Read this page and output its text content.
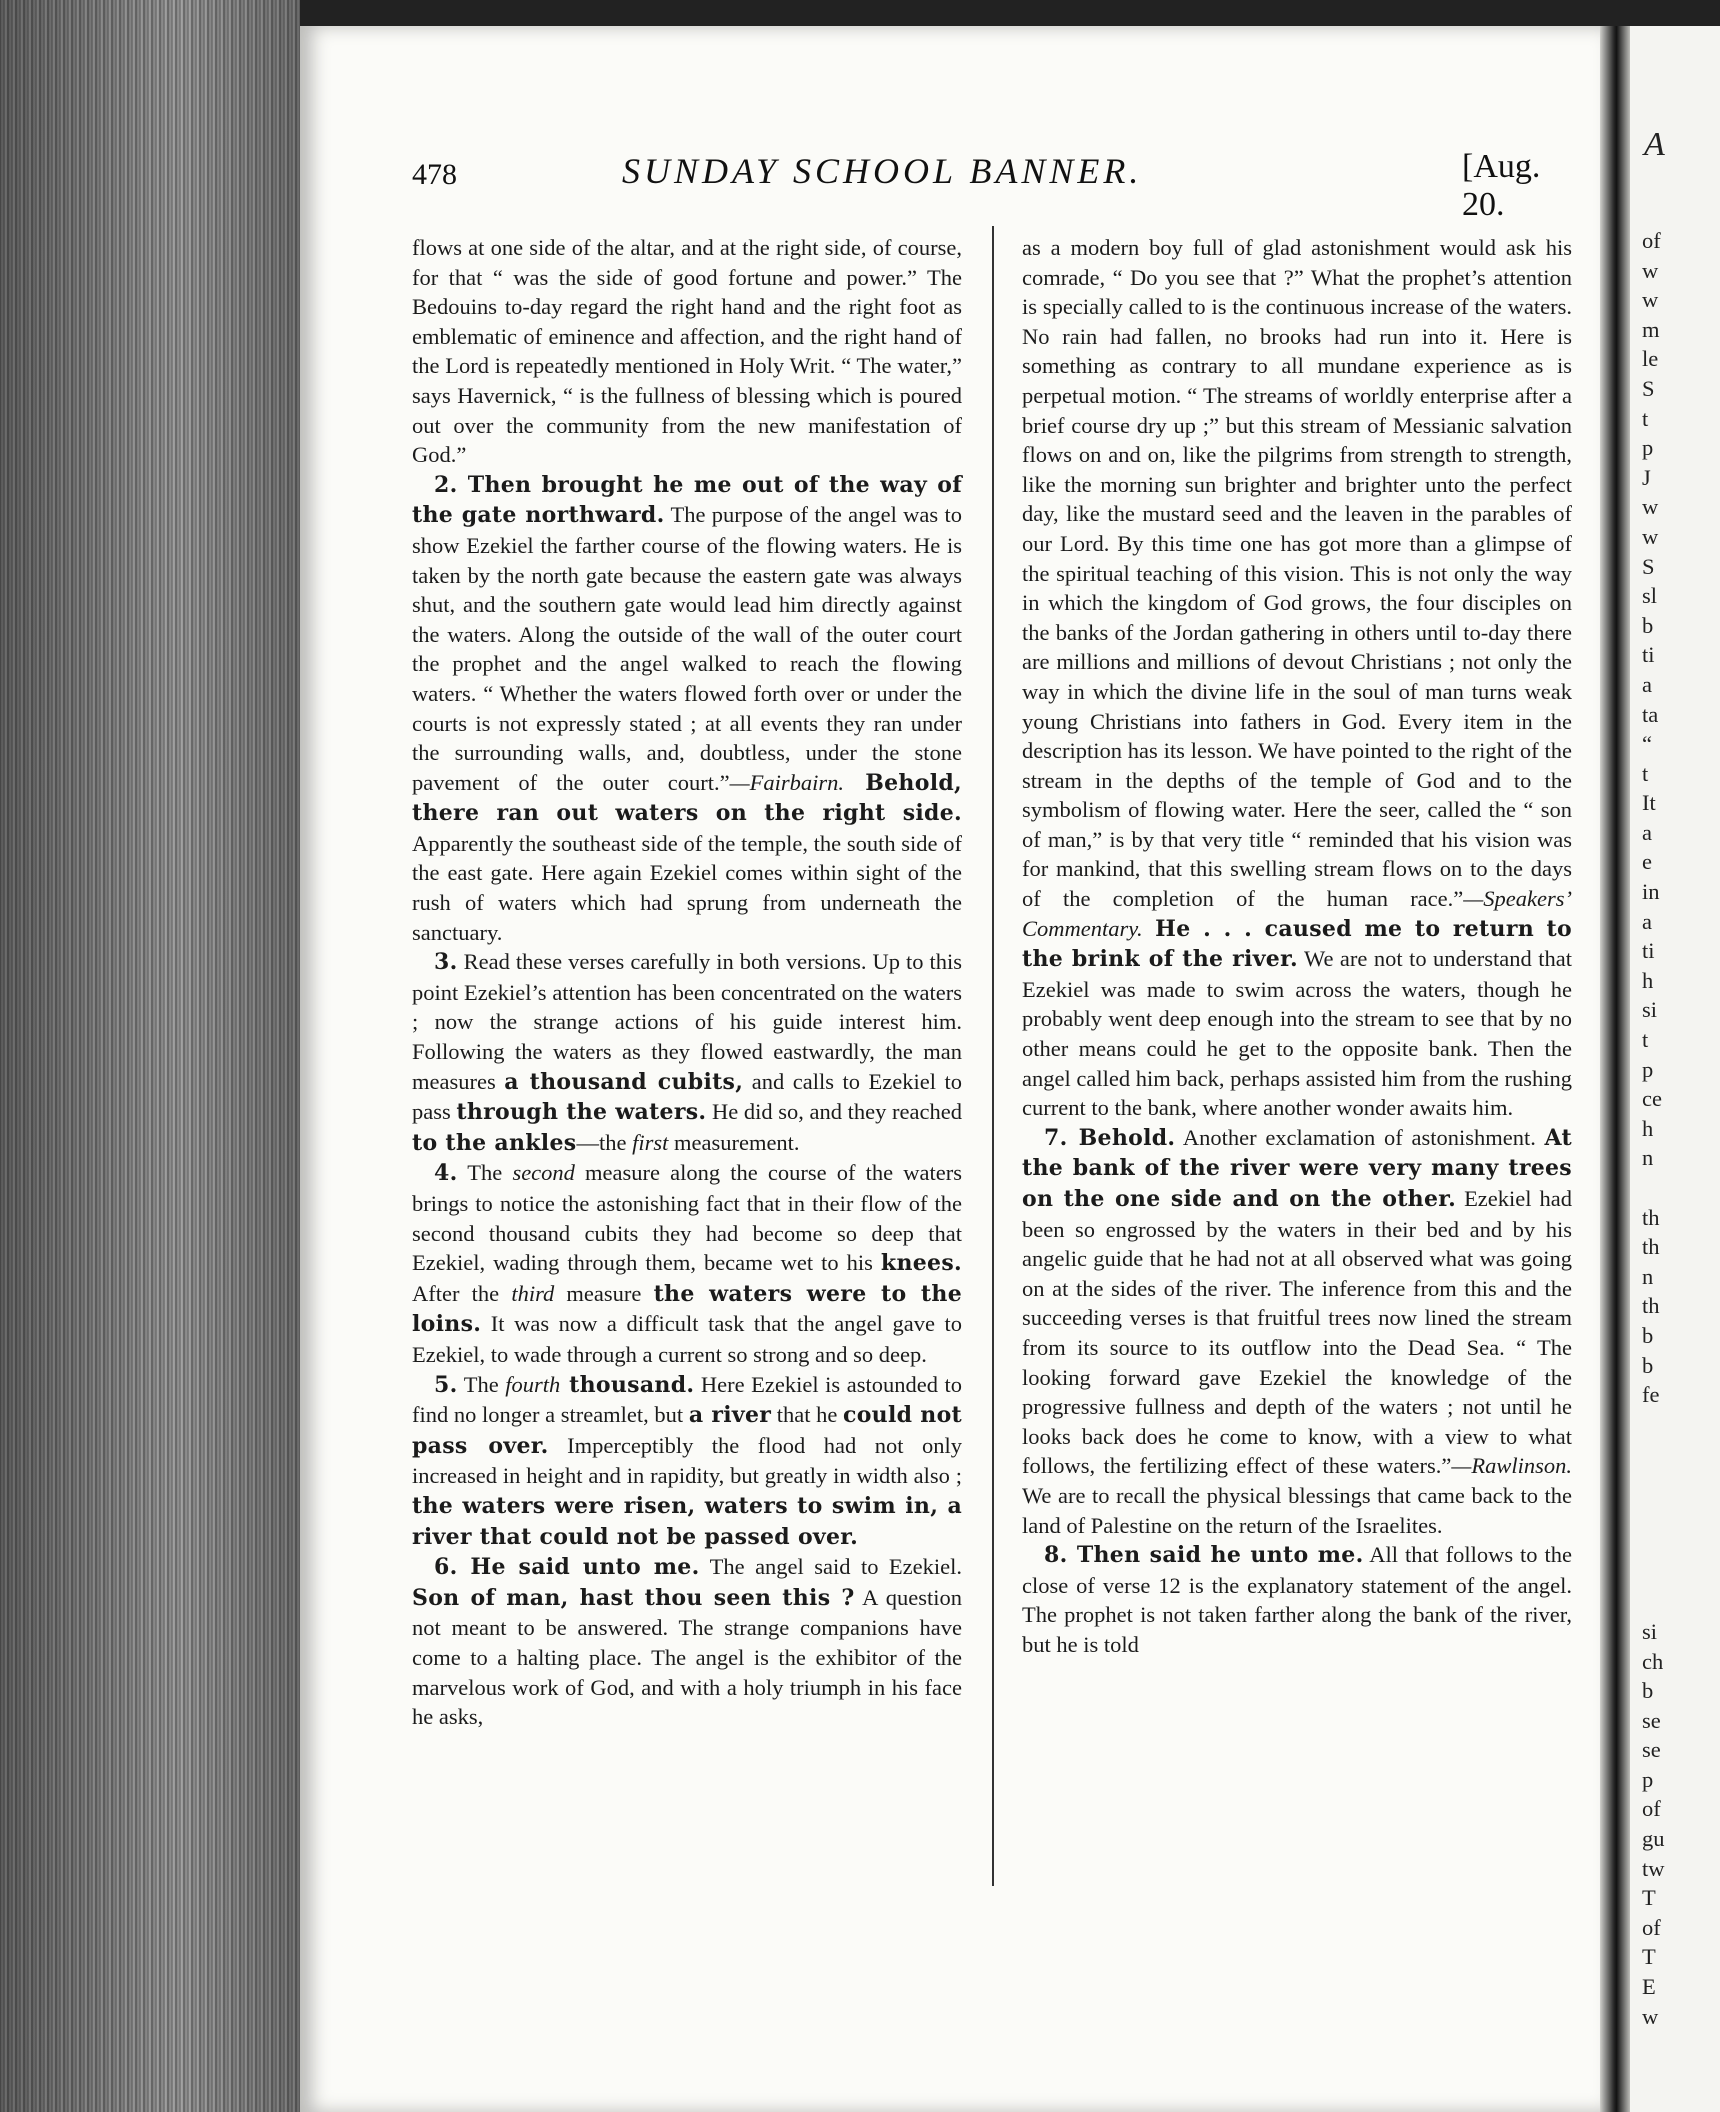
478	SUNDAY SCHOOL BANNER.	[Aug. 20.

flows at one side of the altar, and at the right side, of course, for that “ was the side of good fortune and power.” The Bedouins to-day regard the right hand and the right foot as emblematic of eminence and affection, and the right hand of the Lord is repeatedly mentioned in Holy Writ. “ The water,” says Havernick, “ is the fullness of blessing which is poured out over the community from the new manifestation of God.”

2. Then brought he me out of the way of the gate northward. The purpose of the angel was to show Ezekiel the farther course of the flowing waters. He is taken by the north gate because the eastern gate was always shut, and the southern gate would lead him directly against the waters. Along the outside of the wall of the outer court the prophet and the angel walked to reach the flowing waters. “ Whether the waters flowed forth over or under the courts is not expressly stated ; at all events they ran under the surrounding walls, and, doubtless, under the stone pavement of the outer court.”—Fairbairn. Behold, there ran out waters on the right side. Apparently the southeast side of the temple, the south side of the east gate. Here again Ezekiel comes within sight of the rush of waters which had sprung from underneath the sanctuary.

3. Read these verses carefully in both versions. Up to this point Ezekiel’s attention has been concentrated on the waters ; now the strange actions of his guide interest him. Following the waters as they flowed eastwardly, the man measures a thousand cubits, and calls to Ezekiel to pass through the waters. He did so, and they reached to the ankles—the first measurement.

4. The second measure along the course of the waters brings to notice the astonishing fact that in their flow of the second thousand cubits they had become so deep that Ezekiel, wading through them, became wet to his knees. After the third measure the waters were to the loins. It was now a difficult task that the angel gave to Ezekiel, to wade through a current so strong and so deep.

5. The fourth thousand. Here Ezekiel is astounded to find no longer a streamlet, but a river that he could not pass over. Imperceptibly the flood had not only increased in height and in rapidity, but greatly in width also ; the waters were risen, waters to swim in, a river that could not be passed over.

6. He said unto me. The angel said to Ezekiel. Son of man, hast thou seen this ? A question not meant to be answered. The strange companions have come to a halting place. The angel is the exhibitor of the marvelous work of God, and with a holy triumph in his face he asks,

as a modern boy full of glad astonishment would ask his comrade, “ Do you see that ?” What the prophet’s attention is specially called to is the continuous increase of the waters. No rain had fallen, no brooks had run into it. Here is something as contrary to all mundane experience as is perpetual motion. “ The streams of worldly enterprise after a brief course dry up ;” but this stream of Messianic salvation flows on and on, like the pilgrims from strength to strength, like the morning sun brighter and brighter unto the perfect day, like the mustard seed and the leaven in the parables of our Lord. By this time one has got more than a glimpse of the spiritual teaching of this vision. This is not only the way in which the kingdom of God grows, the four disciples on the banks of the Jordan gathering in others until to-day there are millions and millions of devout Christians ; not only the way in which the divine life in the soul of man turns weak young Christians into fathers in God. Every item in the description has its lesson. We have pointed to the right of the stream in the depths of the temple of God and to the symbolism of flowing water. Here the seer, called the “ son of man,” is by that very title “ reminded that his vision was for mankind, that this swelling stream flows on to the days of the completion of the human race.”—Speakers’ Commentary. He . . . caused me to return to the brink of the river. We are not to understand that Ezekiel was made to swim across the waters, though he probably went deep enough into the stream to see that by no other means could he get to the opposite bank. Then the angel called him back, perhaps assisted him from the rushing current to the bank, where another wonder awaits him.

7. Behold. Another exclamation of astonishment. At the bank of the river were very many trees on the one side and on the other. Ezekiel had been so engrossed by the waters in their bed and by his angelic guide that he had not at all observed what was going on at the sides of the river. The inference from this and the succeeding verses is that fruitful trees now lined the stream from its source to its outflow into the Dead Sea. “ The looking forward gave Ezekiel the knowledge of the progressive fullness and depth of the waters ; not until he looks back does he come to know, with a view to what follows, the fertilizing effect of these waters.”—Rawlinson. We are to recall the physical blessings that came back to the land of Palestine on the return of the Israelites.

8. Then said he unto me. All that follows to the close of verse 12 is the explanatory statement of the angel. The prophet is not taken farther along the bank of the river, but he is told

A
of
w
w
m
le
S
t
p
J
w
w
S
sl
b
ti
a
ta
“
t
It
a
e
in
a
ti
h
si
t
p
ce
h
n
th
th
n
th
b
b
fe
si
ch
b
se
se
p
of
gu
tw
T
of
T
E
w
